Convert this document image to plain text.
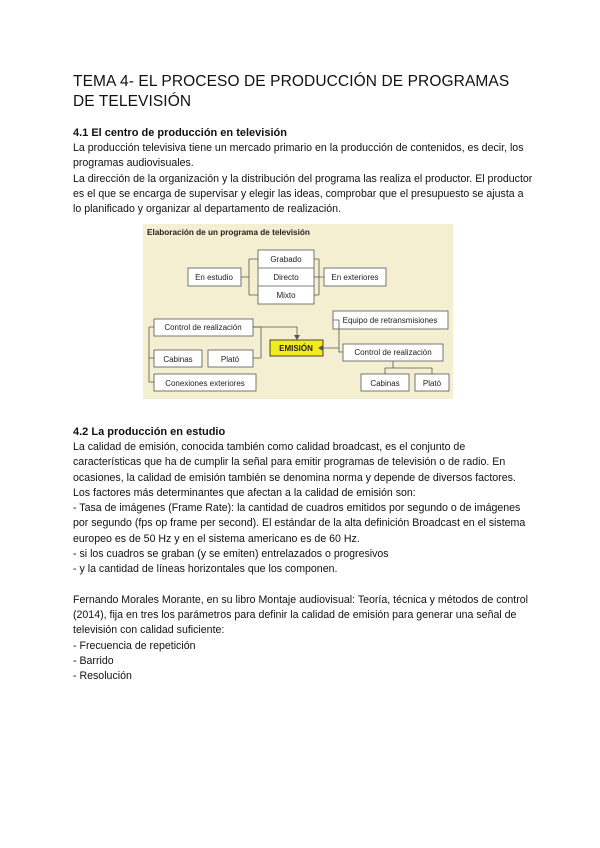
TEMA 4- EL PROCESO DE PRODUCCIÓN DE PROGRAMAS DE TELEVISIÓN
4.1 El centro de producción en televisión

La producción televisiva tiene un mercado primario en la producción de contenidos, es decir, los programas audiovisuales.

La dirección de la organización y la distribución del programa las realiza el productor. El productor es el que se encarga de supervisar y elegir las ideas, comprobar que el presupuesto se ajusta a lo planificado y organizar al departamento de realización.

Elaboración de un programa de televisión
Grabado
Directo
Mixto
En estudio	En exteriores
Control de realización
Cabinas	Plató
Conexiones exteriores
EMISIÓN
Equipo de retransmisiones
Control de realización
Cabinas	Plató
4.2 La producción en estudio

La calidad de emisión, conocida también como calidad broadcast, es el conjunto de características que ha de cumplir la señal para emitir programas de televisión o de radio. En ocasiones, la calidad de emisión también se denomina norma y depende de diversos factores.

Los factores más determinantes que afectan a la calidad de emisión son:

- Tasa de imágenes (Frame Rate): la cantidad de cuadros emitidos por segundo o de imágenes por segundo (fps op frame per second). El estándar de la alta definición Broadcast en el sistema europeo es de 50 Hz y en el sistema americano es de 60 Hz.

- si los cuadros se graban (y se emiten) entrelazados o progresivos

- y la cantidad de líneas horizontales que los componen.

Fernando Morales Morante, en su libro Montaje audiovisual: Teoría, técnica y métodos de control (2014), fija en tres los parámetros para definir la calidad de emisión para generar una señal de televisión con calidad suficiente:

- Frecuencia de repetición

- Barrido

- Resolución
